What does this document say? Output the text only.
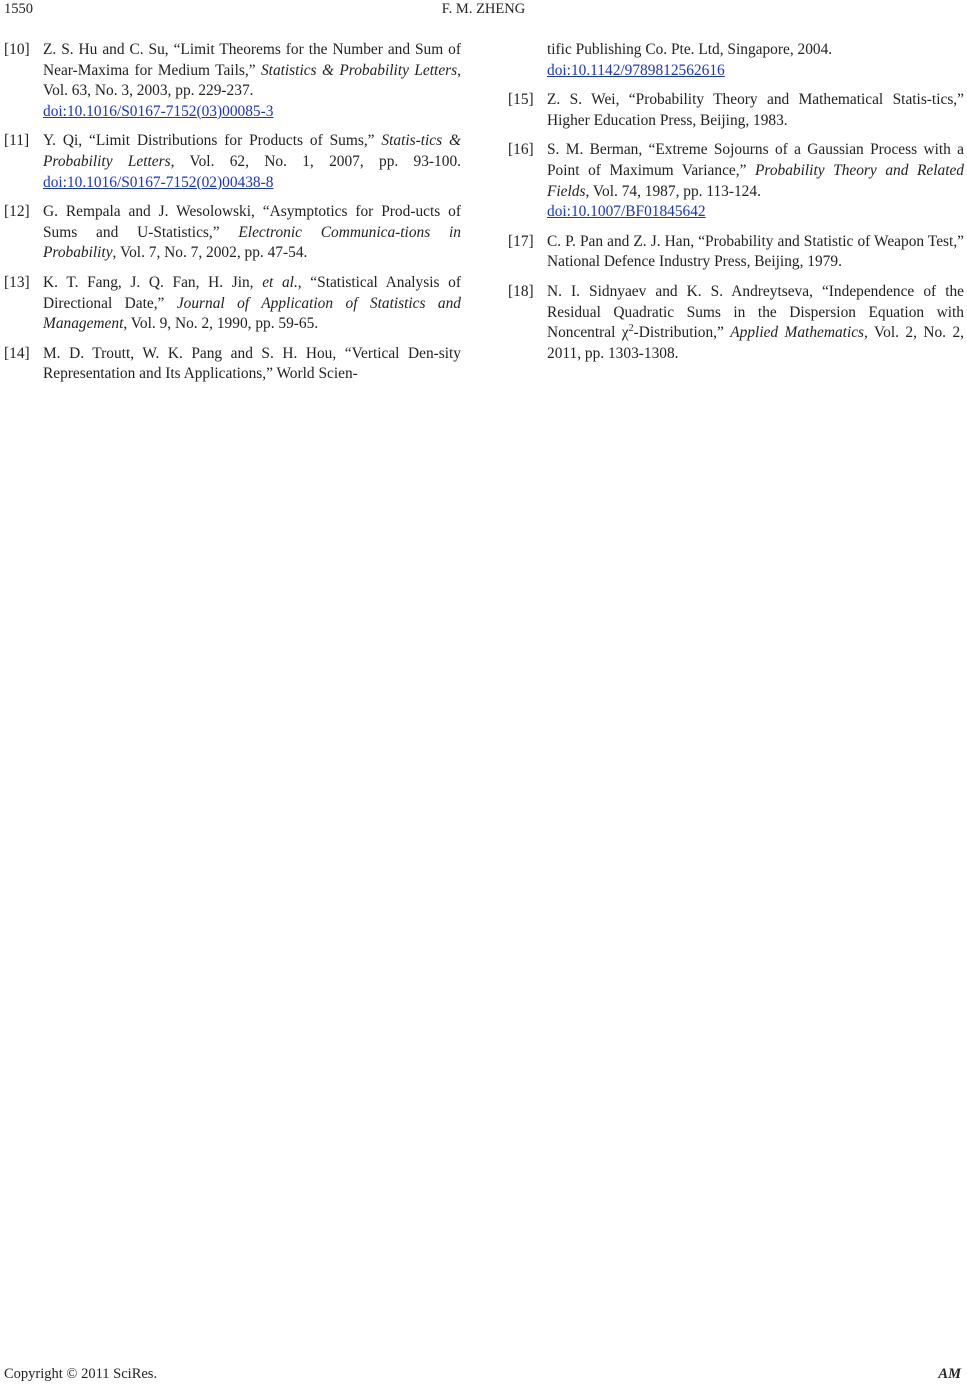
1550	F. M. ZHENG
[10] Z. S. Hu and C. Su, “Limit Theorems for the Number and Sum of Near-Maxima for Medium Tails,” Statistics & Probability Letters, Vol. 63, No. 3, 2003, pp. 229-237.
doi:10.1016/S0167-7152(03)00085-3
[11] Y. Qi, “Limit Distributions for Products of Sums,” Statis-tics & Probability Letters, Vol. 62, No. 1, 2007, pp. 93-100. doi:10.1016/S0167-7152(02)00438-8
[12] G. Rempala and J. Wesolowski, “Asymptotics for Prod-ucts of Sums and U-Statistics,” Electronic Communica-tions in Probability, Vol. 7, No. 7, 2002, pp. 47-54.
[13] K. T. Fang, J. Q. Fan, H. Jin, et al., “Statistical Analysis of Directional Date,” Journal of Application of Statistics and Management, Vol. 9, No. 2, 1990, pp. 59-65.
[14] M. D. Troutt, W. K. Pang and S. H. Hou, “Vertical Den-sity Representation and Its Applications,” World Scien-
tific Publishing Co. Pte. Ltd, Singapore, 2004.
doi:10.1142/9789812562616
[15] Z. S. Wei, “Probability Theory and Mathematical Statis-tics,” Higher Education Press, Beijing, 1983.
[16] S. M. Berman, “Extreme Sojourns of a Gaussian Process with a Point of Maximum Variance,” Probability Theory and Related Fields, Vol. 74, 1987, pp. 113-124.
doi:10.1007/BF01845642
[17] C. P. Pan and Z. J. Han, “Probability and Statistic of Weapon Test,” National Defence Industry Press, Beijing, 1979.
[18] N. I. Sidnyaev and K. S. Andreytseva, “Independence of the Residual Quadratic Sums in the Dispersion Equation with Noncentral $\chi^2$-Distribution,” Applied Mathematics, Vol. 2, No. 2, 2011, pp. 1303-1308.
Copyright © 2011 SciRes.	AM
